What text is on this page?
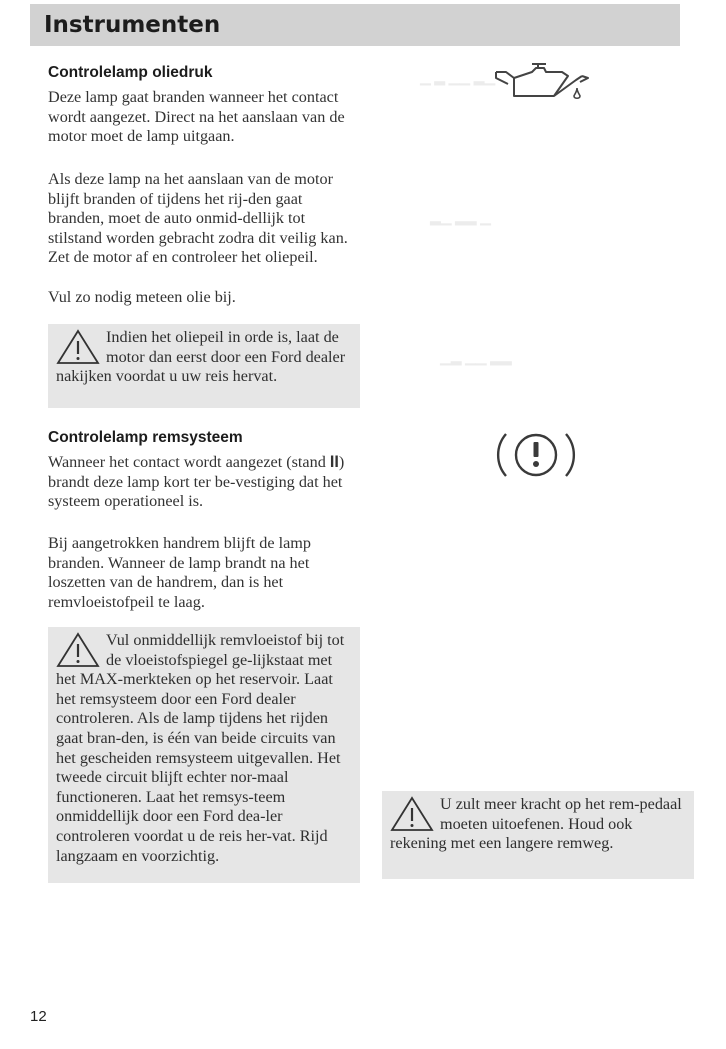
Instrumenten
Controlelamp oliedruk

Deze lamp gaat branden wanneer het contact wordt aangezet. Direct na het aanslaan van de motor moet de lamp uitgaan.

Als deze lamp na het aanslaan van de motor blijft branden of tijdens het rij-den gaat branden, moet de auto onmid-dellijk tot stilstand worden gebracht zodra dit veilig kan. Zet de motor af en controleer het oliepeil.

Vul zo nodig meteen olie bij.

Controlelamp remsysteem

Wanneer het contact wordt aangezet (stand II) brandt deze lamp kort ter be-vestiging dat het systeem operationeel is.

Bij aangetrokken handrem blijft de lamp branden. Wanneer de lamp brandt na het loszetten van de handrem, dan is het remvloeistofpeil te laag.

Indien het oliepeil in orde is, laat de motor dan eerst door een Ford dealer nakijken voordat u uw reis hervat.

Vul onmiddellijk remvloeistof bij tot de vloeistofspiegel ge-lijkstaat met het MAX-merkteken op het reservoir. Laat het remsysteem door een Ford dealer controleren. Als de lamp tijdens het rijden gaat bran-den, is één van beide circuits van het gescheiden remsysteem uitgevallen. Het tweede circuit blijft echter nor-maal functioneren. Laat het remsys-teem onmiddellijk door een Ford dea-ler controleren voordat u de reis her-vat. Rijd langzaam en voorzichtig.

U zult meer kracht op het rem-pedaal moeten uitoefenen. Houd ook rekening met een langere remweg.

▁ ▂ ▁▁ ▂▁
▂▁ ▂▂ ▁
▁▂ ▁▁ ▂▂
12
